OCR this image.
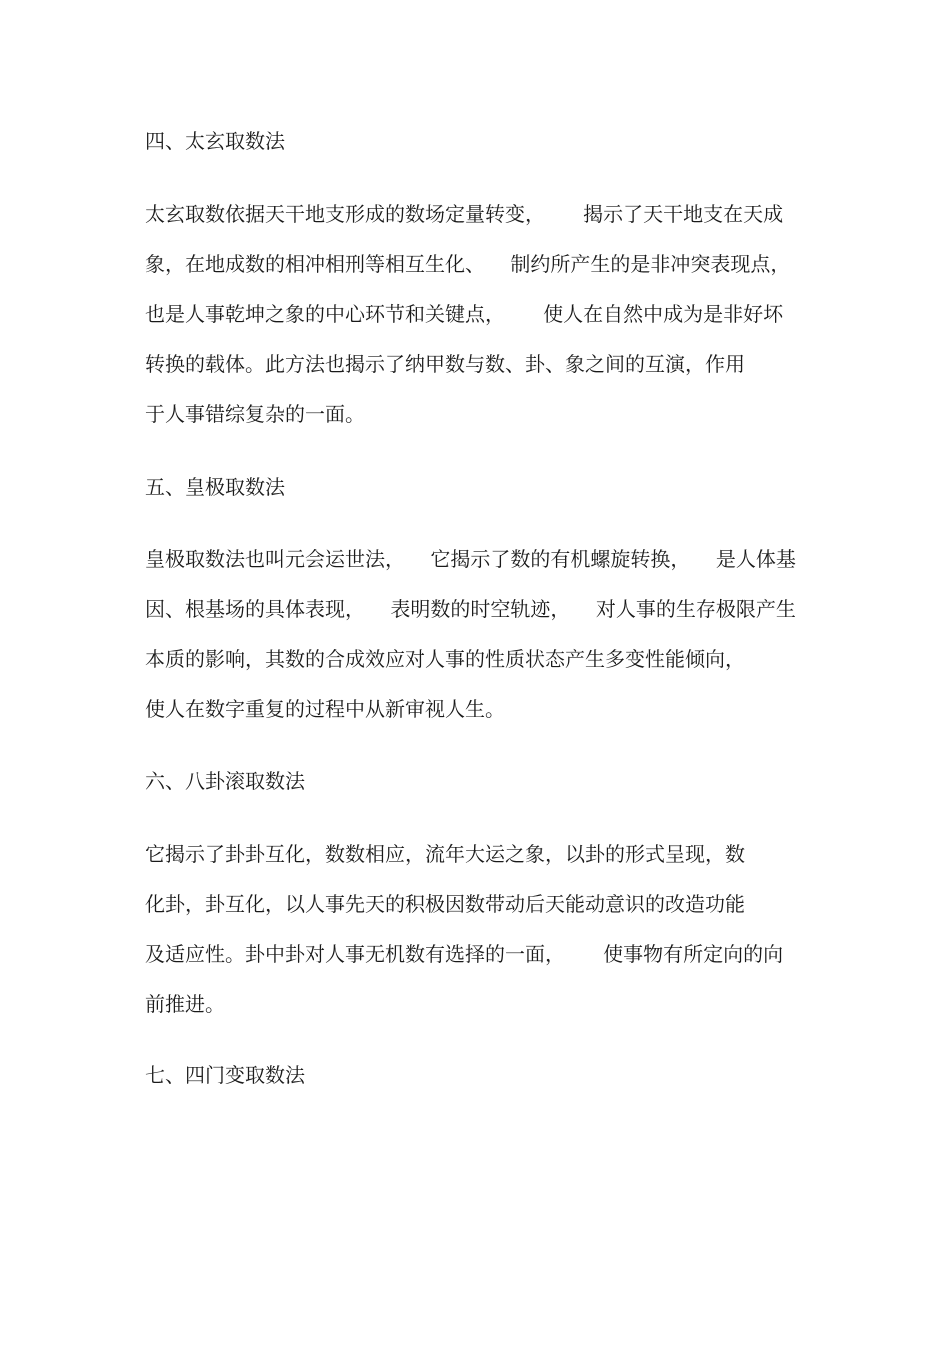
四、太玄取数法

太玄取数依据天干地支形成的数场定量转变，      揭示了天干地支在天成

象，在地成数的相冲相刑等相互生化、    制约所产生的是非冲突表现点，

也是人事乾坤之象的中心环节和关键点，      使人在自然中成为是非好坏

转换的载体。此方法也揭示了纳甲数与数、卦、象之间的互演，作用

于人事错综复杂的一面。

五、皇极取数法

皇极取数法也叫元会运世法，    它揭示了数的有机螺旋转换，    是人体基

因、根基场的具体表现，    表明数的时空轨迹，    对人事的生存极限产生

本质的影响，其数的合成效应对人事的性质状态产生多变性能倾向，

使人在数字重复的过程中从新审视人生。

六、八卦滚取数法

它揭示了卦卦互化，数数相应，流年大运之象，以卦的形式呈现，数

化卦，卦互化，以人事先天的积极因数带动后天能动意识的改造功能

及适应性。卦中卦对人事无机数有选择的一面，      使事物有所定向的向

前推进。

七、四门变取数法
